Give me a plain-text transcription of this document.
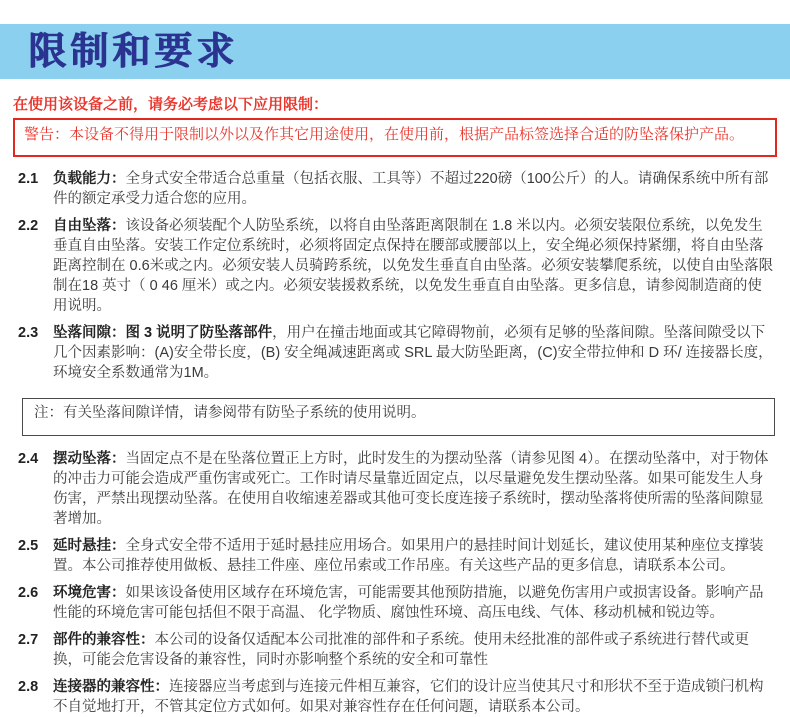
限制和要求
在使用该设备之前，请务必考虑以下应用限制：
警告：本设备不得用于限制以外以及作其它用途使用，在使用前，根据产品标签选择合适的防坠落保护产品。
2.1	负载能力：全身式安全带适合总重量（包括衣服、工具等）不超过220磅（100公斤）的人。请确保系统中所有部件的额定承受力适合您的应用。
2.2	自由坠落：该设备必须装配个人防坠系统，以将自由坠落距离限制在 1.8 米以内。必须安装限位系统，以免发生垂直自由坠落。安装工作定位系统时，必须将固定点保持在腰部或腰部以上，安全绳必须保持紧绷，将自由坠落距离控制在 0.6米或之内。必须安装人员骑跨系统，以免发生垂直自由坠落。必须安装攀爬系统，以使自由坠落限制在18 英寸（ 0 46 厘米）或之内。必须安装援救系统，以免发生垂直自由坠落。更多信息，请参阅制造商的使用说明。
2.3	坠落间隙：图 3 说明了防坠落部件，用户在撞击地面或其它障碍物前，必须有足够的坠落间隙。坠落间隙受以下几个因素影响：(A)安全带长度，(B) 安全绳减速距离或 SRL 最大防坠距离，(C)安全带拉伸和 D 环/ 连接器长度，环境安全系数通常为1M。
注：有关坠落间隙详情，请参阅带有防坠子系统的使用说明。
2.4	摆动坠落：当固定点不是在坠落位置正上方时，此时发生的为摆动坠落（请参见图 4）。在摆动坠落中，对于物体的冲击力可能会造成严重伤害或死亡。工作时请尽量靠近固定点，以尽量避免发生摆动坠落。如果可能发生人身伤害，严禁出现摆动坠落。在使用自收缩速差器或其他可变长度连接子系统时，摆动坠落将使所需的坠落间隙显著增加。
2.5	延时悬挂：全身式安全带不适用于延时悬挂应用场合。如果用户的悬挂时间计划延长，建议使用某种座位支撑装置。本公司推荐使用做板、悬挂工件座、座位吊索或工作吊座。有关这些产品的更多信息，请联系本公司。
2.6	环境危害：如果该设备使用区域存在环境危害，可能需要其他预防措施，以避免伤害用户或损害设备。影响产品性能的环境危害可能包括但不限于高温、 化学物质、腐蚀性环境、高压电线、气体、移动机械和锐边等。
2.7	部件的兼容性：本公司的设备仅适配本公司批准的部件和子系统。使用未经批准的部件或子系统进行替代或更换，可能会危害设备的兼容性，同时亦影响整个系统的安全和可靠性
2.8	连接器的兼容性：连接器应当考虑到与连接元件相互兼容，它们的设计应当使其尺寸和形状不至于造成锁闩机构不自觉地打开，不管其定位方式如何。如果对兼容性存在任何问题，请联系本公司。
